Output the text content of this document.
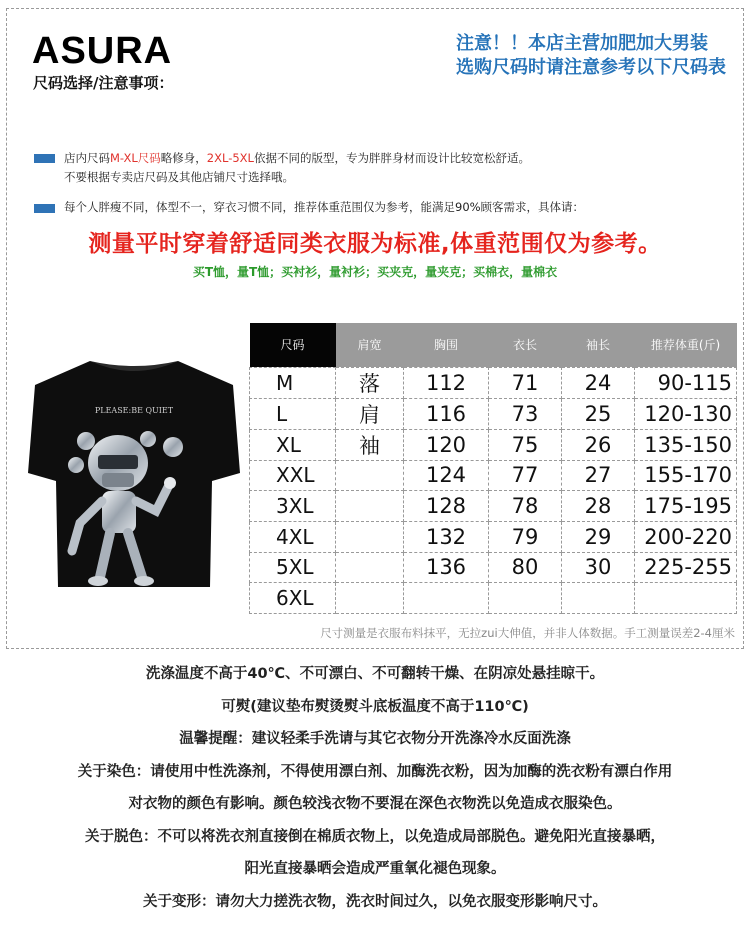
ASURA
尺码选择/注意事项：
注意！！本店主营加肥加大男装
选购尺码时请注意参考以下尺码表
店内尺码M-XL尺码略修身，2XL-5XL依据不同的版型，专为胖胖身材而设计比较宽松舒适。
不要根据专卖店尺码及其他店铺尺寸选择哦。
每个人胖瘦不同，体型不一，穿衣习惯不同，推荐体重范围仅为参考，能满足90%顾客需求，具体请：
测量平时穿着舒适同类衣服为标准,体重范围仅为参考。
买T恤，量T恤；买衬衫，量衬衫；买夹克，量夹克；买棉衣，量棉衣
PLEASE:BE QUIET
尺码	肩宽	胸围	衣长	袖长	推荐体重(斤)
M	落	112	71	24	90-115
L	肩	116	73	25	120-130
XL	袖	120	75	26	135-150
XXL		124	77	27	155-170
3XL		128	78	28	175-195
4XL		132	79	29	200-220
5XL		136	80	30	225-255
6XL					
尺寸测量是衣服布料抹平，无拉zui大伸值，并非人体数据。手工测量误差2-4厘米

洗涤温度不高于40℃、不可漂白、不可翻转干燥、在阴凉处悬挂晾干。

可熨(建议垫布熨烫熨斗底板温度不高于110℃)

温馨提醒：建议轻柔手洗请与其它衣物分开洗涤冷水反面洗涤

关于染色：请使用中性洗涤剂，不得使用漂白剂、加酶洗衣粉，因为加酶的洗衣粉有漂白作用

对衣物的颜色有影响。颜色较浅衣物不要混在深色衣物洗以免造成衣服染色。

关于脱色：不可以将洗衣剂直接倒在棉质衣物上，以免造成局部脱色。避免阳光直接暴晒，

阳光直接暴晒会造成严重氧化褪色现象。

关于变形：请勿大力搓洗衣物，洗衣时间过久，以免衣服变形影响尺寸。
